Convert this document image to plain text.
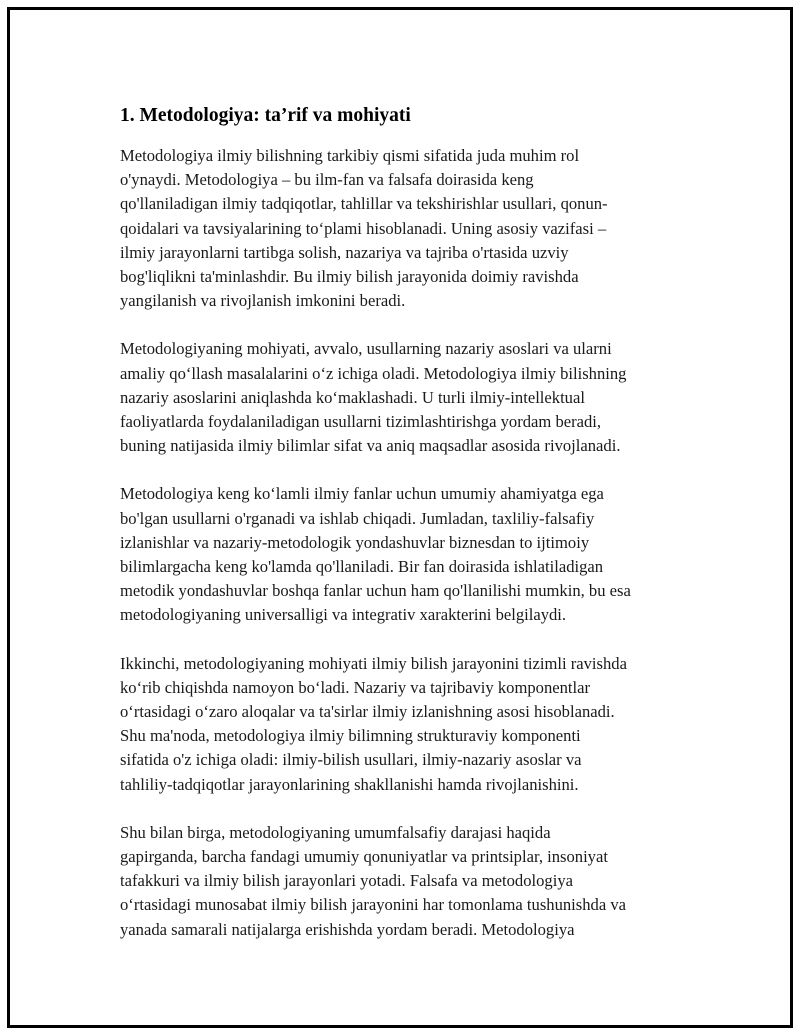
1. Metodologiya: ta’rif va mohiyati
Metodologiya ilmiy bilishning tarkibiy qismi sifatida juda muhim rol
o'ynaydi. Metodologiya – bu ilm-fan va falsafa doirasida keng
qo'llaniladigan ilmiy tadqiqotlar, tahlillar va tekshirishlar usullari, qonun-
qoidalari va tavsiyalarining to‘plami hisoblanadi. Uning asosiy vazifasi –
ilmiy jarayonlarni tartibga solish, nazariya va tajriba o'rtasida uzviy
bog'liqlikni ta'minlashdir. Bu ilmiy bilish jarayonida doimiy ravishda
yangilanish va rivojlanish imkonini beradi.
Metodologiyaning mohiyati, avvalo, usullarning nazariy asoslari va ularni
amaliy qo‘llash masalalarini o‘z ichiga oladi. Metodologiya ilmiy bilishning
nazariy asoslarini aniqlashda ko‘maklashadi. U turli ilmiy-intellektual
faoliyatlarda foydalaniladigan usullarni tizimlashtirishga yordam beradi,
buning natijasida ilmiy bilimlar sifat va aniq maqsadlar asosida rivojlanadi.
Metodologiya keng ko‘lamli ilmiy fanlar uchun umumiy ahamiyatga ega
bo'lgan usullarni o'rganadi va ishlab chiqadi. Jumladan, taxliliy-falsafiy
izlanishlar va nazariy-metodologik yondashuvlar biznesdan to ijtimoiy
bilimlargacha keng ko'lamda qo'llaniladi. Bir fan doirasida ishlatiladigan
metodik yondashuvlar boshqa fanlar uchun ham qo'llanilishi mumkin, bu esa
metodologiyaning universalligi va integrativ xarakterini belgilaydi.
Ikkinchi, metodologiyaning mohiyati ilmiy bilish jarayonini tizimli ravishda
ko‘rib chiqishda namoyon bo‘ladi. Nazariy va tajribaviy komponentlar
o‘rtasidagi o‘zaro aloqalar va ta'sirlar ilmiy izlanishning asosi hisoblanadi.
Shu ma'noda, metodologiya ilmiy bilimning strukturaviy komponenti
sifatida o'z ichiga oladi: ilmiy-bilish usullari, ilmiy-nazariy asoslar va
tahliliy-tadqiqotlar jarayonlarining shakllanishi hamda rivojlanishini.
Shu bilan birga, metodologiyaning umumfalsafiy darajasi haqida
gapirganda, barcha fandagi umumiy qonuniyatlar va printsiplar, insoniyat
tafakkuri va ilmiy bilish jarayonlari yotadi. Falsafa va metodologiya
o‘rtasidagi munosabat ilmiy bilish jarayonini har tomonlama tushunishda va
yanada samarali natijalarga erishishda yordam beradi. Metodologiya
